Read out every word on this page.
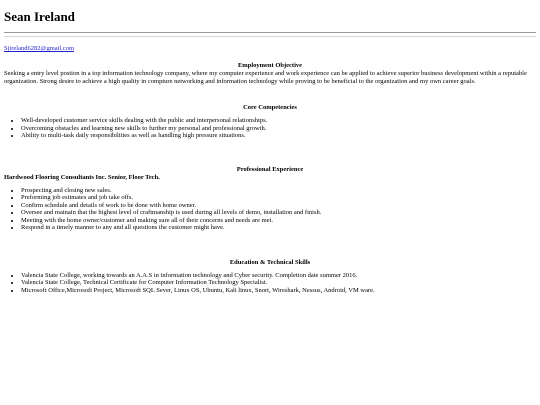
Sean Ireland
Sjireland6282@gmail.com

Employment Objective

Seeking a entry level postion in a top information technology company, where my computer experience and work experience can be applied to achieve superior business development within a reputable organization. Strong desire to achieve a high quality in compture networking and information technology while proving to be beneficial to the organization and my own career goals.

Core Competencies

• Well-developed customer service skills dealing with the public and interpersonal relationships.
• Overcoming obstacles and learning new skills to further my personal and professional growth.
• Ability to multi-task daily responsibilities as well as handling high pressure situations.

Professional Experience

Hardwood Flooring Consultants Inc. Senior, Floor Tech.

• Prospecting and closing new sales.
• Preforming job estimates and job take offs.
• Confirm schedule and details of work to be done with home owner.
• Oversee and mainain that the highest level of craftmanship is used during all levels of demo, installation and finish.
• Meeting with the home owner/customer and making sure all of their concerns and needs are met.
• Respond in a timely manner to any and all questions the customer might have.

Education & Technical Skills

• Valencia State College, working towards an A.A.S in information technology and Cyber security. Completion date summer 2016.
• Valencia State College, Technical Certificate for Computer Information Technology Specialist.
• Microsoft Office,Microsoft Project, Microsoft SQL Sever, Linux OS, Ubuntu, Kali linux, Snort, Wireshark, Nessus, Android, VM ware.
